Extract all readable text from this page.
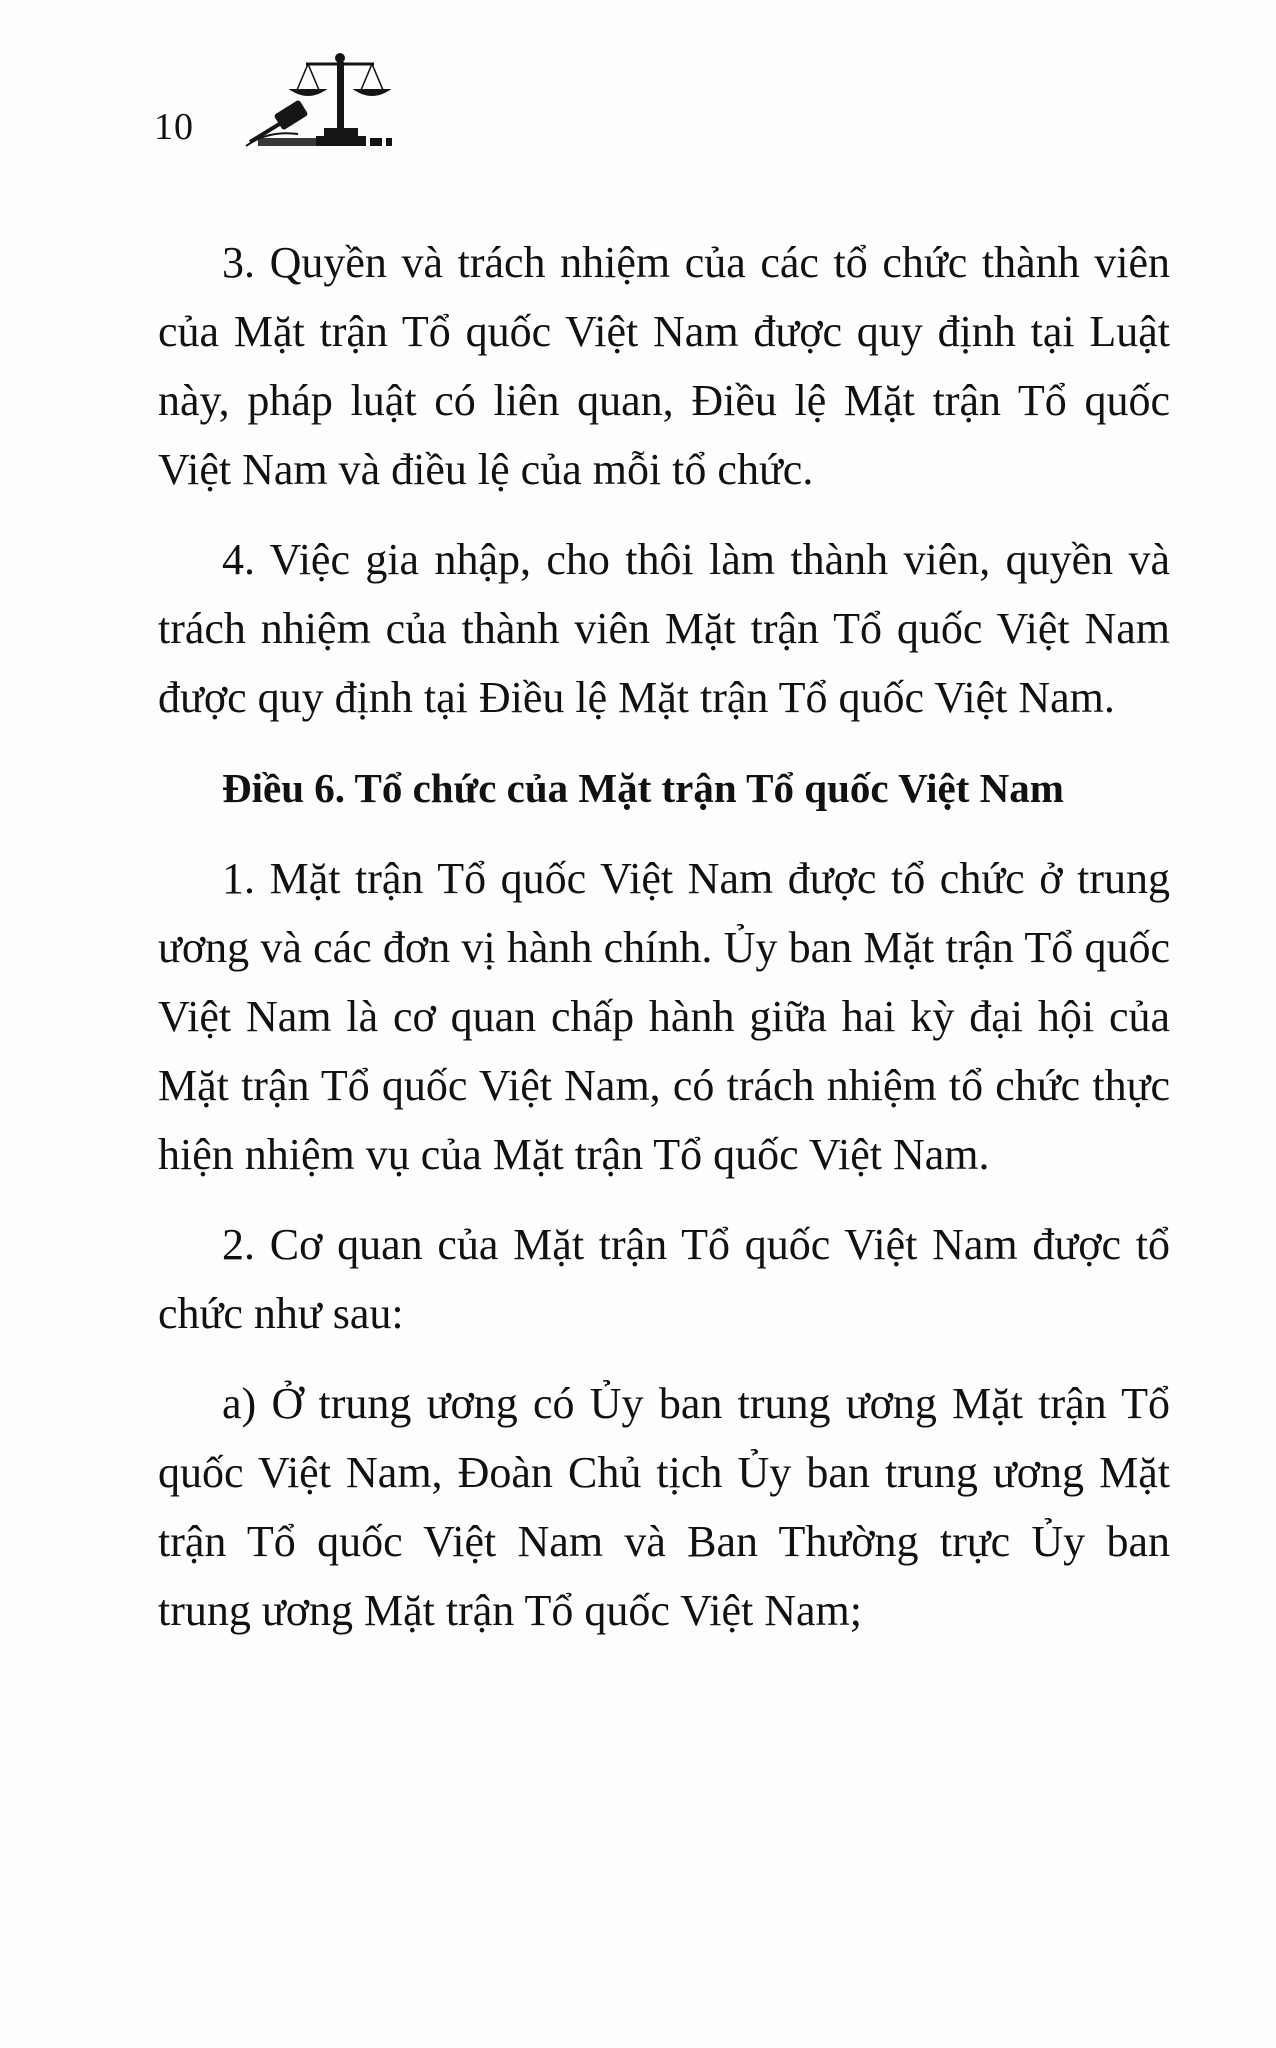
10

3. Quyền và trách nhiệm của các tổ chức thành viên của Mặt trận Tổ quốc Việt Nam được quy định tại Luật này, pháp luật có liên quan, Điều lệ Mặt trận Tổ quốc Việt Nam và điều lệ của mỗi tổ chức.

4. Việc gia nhập, cho thôi làm thành viên, quyền và trách nhiệm của thành viên Mặt trận Tổ quốc Việt Nam được quy định tại Điều lệ Mặt trận Tổ quốc Việt Nam.

Điều 6. Tổ chức của Mặt trận Tổ quốc Việt Nam

1. Mặt trận Tổ quốc Việt Nam được tổ chức ở trung ương và các đơn vị hành chính. Ủy ban Mặt trận Tổ quốc Việt Nam là cơ quan chấp hành giữa hai kỳ đại hội của Mặt trận Tổ quốc Việt Nam, có trách nhiệm tổ chức thực hiện nhiệm vụ của Mặt trận Tổ quốc Việt Nam.

2. Cơ quan của Mặt trận Tổ quốc Việt Nam được tổ chức như sau:

a) Ở trung ương có Ủy ban trung ương Mặt trận Tổ quốc Việt Nam, Đoàn Chủ tịch Ủy ban trung ương Mặt trận Tổ quốc Việt Nam và Ban Thường trực Ủy ban trung ương Mặt trận Tổ quốc Việt Nam;
